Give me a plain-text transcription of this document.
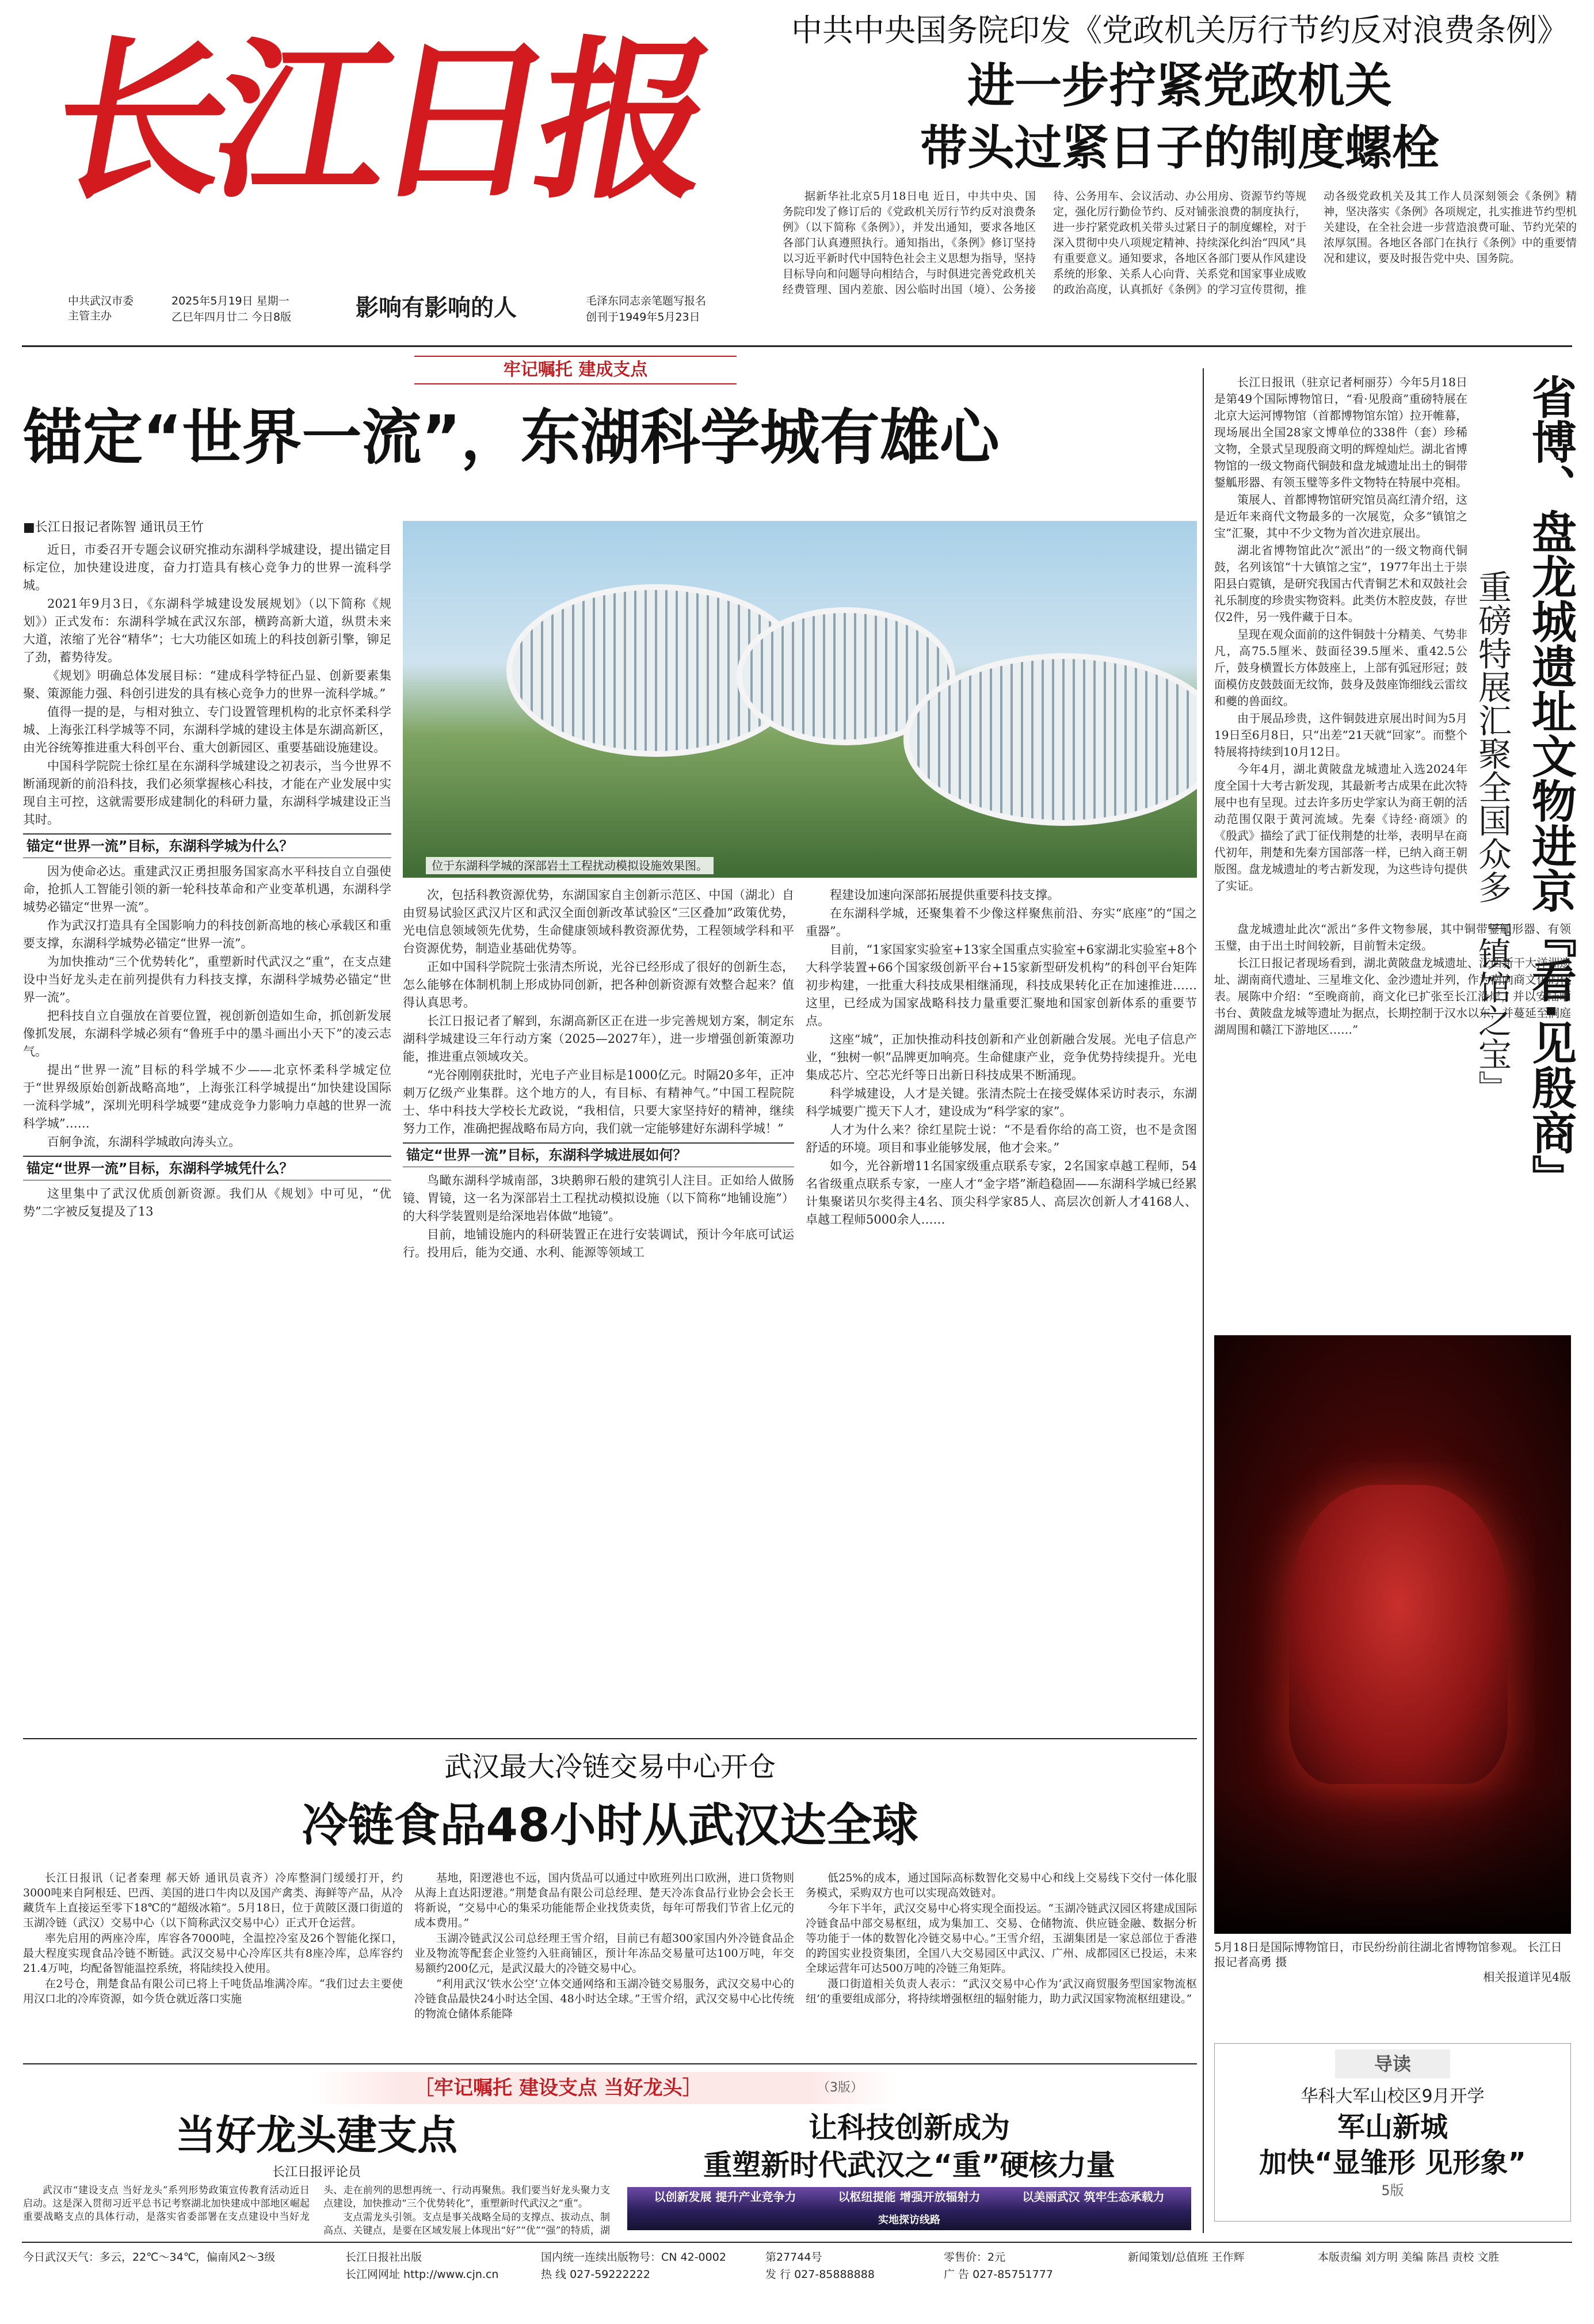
长江日报
中共武汉市委 主管主办
2025年5月19日 星期一
乙巳年四月廿二 今日8版	影响有影响的人	毛泽东同志亲笔题写报名
创刊于1949年5月23日
中共中央国务院印发《党政机关厉行节约反对浪费条例》
进一步拧紧党政机关
带头过紧日子的制度螺栓
据新华社北京5月18日电 近日，中共中央、国务院印发了修订后的《党政机关厉行节约反对浪费条例》（以下简称《条例》），并发出通知，要求各地区各部门认真遵照执行。通知指出，《条例》修订坚持以习近平新时代中国特色社会主义思想为指导，坚持目标导向和问题导向相结合，与时俱进完善党政机关经费管理、国内差旅、因公临时出国（境）、公务接待、公务用车、会议活动、办公用房、资源节约等规定，强化厉行勤俭节约、反对铺张浪费的制度执行，进一步拧紧党政机关带头过紧日子的制度螺栓，对于深入贯彻中央八项规定精神、持续深化纠治“四风”具有重要意义。通知要求，各地区各部门要从作风建设系统的形象、关系人心向背、关系党和国家事业成败的政治高度，认真抓好《条例》的学习宣传贯彻，推动各级党政机关及其工作人员深刻领会《条例》精神，坚决落实《条例》各项规定，扎实推进节约型机关建设，在全社会进一步营造浪费可耻、节约光荣的浓厚氛围。各地区各部门在执行《条例》中的重要情况和建议，要及时报告党中央、国务院。
牢记嘱托 建成支点
锚定“世界一流”，东湖科学城有雄心
■长江日报记者陈智 通讯员王竹

近日，市委召开专题会议研究推动东湖科学城建设，提出锚定目标定位，加快建设进度，奋力打造具有核心竞争力的世界一流科学城。

2021年9月3日，《东湖科学城建设发展规划》（以下简称《规划》）正式发布：东湖科学城在武汉东部，横跨高新大道，纵贯未来大道，浓缩了光谷“精华”；七大功能区如琉上的科技创新引擎，铆足了劲，蓄势待发。

《规划》明确总体发展目标：“建成科学特征凸显、创新要素集聚、策源能力强、科创引进发的具有核心竞争力的世界一流科学城。”

值得一提的是，与相对独立、专门设置管理机构的北京怀柔科学城、上海张江科学城等不同，东湖科学城的建设主体是东湖高新区，由光谷统筹推进重大科创平台、重大创新园区、重要基础设施建设。

中国科学院院士徐红星在东湖科学城建设之初表示，当今世界不断涌现新的前沿科技，我们必须掌握核心科技，才能在产业发展中实现自主可控，这就需要形成建制化的科研力量，东湖科学城建设正当其时。

锚定“世界一流”目标，东湖科学城为什么？

因为使命必达。重建武汉正勇担服务国家高水平科技自立自强使命，抢抓人工智能引领的新一轮科技革命和产业变革机遇，东湖科学城势必锚定“世界一流”。

作为武汉打造具有全国影响力的科技创新高地的核心承载区和重要支撑，东湖科学城势必锚定“世界一流”。

为加快推动“三个优势转化”，重塑新时代武汉之“重”，在支点建设中当好龙头走在前列提供有力科技支撑，东湖科学城势必锚定“世界一流”。

把科技自立自强放在首要位置，视创新创造如生命，抓创新发展像抓发展，东湖科学城必须有“鲁班手中的墨斗画出小天下”的凌云志气。

提出“世界一流”目标的科学城不少——北京怀柔科学城定位于“世界级原始创新战略高地”，上海张江科学城提出“加快建设国际一流科学城”，深圳光明科学城要“建成竞争力影响力卓越的世界一流科学城”……

百舸争流，东湖科学城敢向涛头立。

锚定“世界一流”目标，东湖科学城凭什么？

这里集中了武汉优质创新资源。我们从《规划》中可见，“优势”二字被反复提及了13

位于东湖科学城的深部岩土工程扰动模拟设施效果图。

次，包括科教资源优势，东湖国家自主创新示范区、中国（湖北）自由贸易试验区武汉片区和武汉全面创新改革试验区“三区叠加”政策优势，光电信息领域领先优势，生命健康领域科教资源优势，工程领域学科和平台资源优势，制造业基础优势等。

正如中国科学院院士张清杰所说，光谷已经形成了很好的创新生态，怎么能够在体制机制上形成协同创新，把各种创新资源有效整合起来？值得认真思考。

长江日报记者了解到，东湖高新区正在进一步完善规划方案，制定东湖科学城建设三年行动方案（2025—2027年），进一步增强创新策源功能，推进重点领域攻关。

“光谷刚刚获批时，光电子产业目标是1000亿元。时隔20多年，正冲刺万亿级产业集群。这个地方的人，有目标、有精神气。”中国工程院院士、华中科技大学校长尤政说，“我相信，只要大家坚持好的精神，继续努力工作，准确把握战略布局方向，我们就一定能够建好东湖科学城！”

锚定“世界一流”目标，东湖科学城进展如何？

鸟瞰东湖科学城南部，3块鹅卵石般的建筑引人注目。正如给人做肠镜、胃镜，这一名为深部岩土工程扰动模拟设施（以下简称“地铺设施”）的大科学装置则是给深地岩体做“地镜”。

目前，地铺设施内的科研装置正在进行安装调试，预计今年底可试运行。投用后，能为交通、水利、能源等领域工

程建设加速向深部拓展提供重要科技支撑。

在东湖科学城，还聚集着不少像这样聚焦前沿、夯实“底座”的“国之重器”。

目前，“1家国家实验室+13家全国重点实验室+6家湖北实验室+8个大科学装置+66个国家级创新平台+15家新型研发机构”的科创平台矩阵初步构建，一批重大科技成果相继涌现，科技成果转化正在加速推进……这里，已经成为国家战略科技力量重要汇聚地和国家创新体系的重要节点。

这座“城”，正加快推动科技创新和产业创新融合发展。光电子信息产业，“独树一帜”品牌更加响亮。生命健康产业，竞争优势持续提升。光电集成芯片、空芯光纤等日出新日科技成果不断涌现。

科学城建设，人才是关键。张清杰院士在接受媒体采访时表示，东湖科学城要广揽天下人才，建设成为“科学家的家”。

人才为什么来？徐红星院士说：“不是看你给的高工资，也不是贪图舒适的环境。项目和事业能够发展，他才会来。”

如今，光谷新增11名国家级重点联系专家，2名国家卓越工程师，54名省级重点联系专家，一座人才“金字塔”渐趋稳固——东湖科学城已经累计集聚诺贝尔奖得主4名、顶尖科学家85人、高层次创新人才4168人、卓越工程师5000余人……

省博、盘龙城遗址文物进京『看·见殷商』
重磅特展汇聚全国众多『镇馆之宝』

长江日报讯（驻京记者柯丽芬）今年5月18日是第49个国际博物馆日，“看·见殷商”重磅特展在北京大运河博物馆（首都博物馆东馆）拉开帷幕，现场展出全国28家文博单位的338件（套）珍稀文物，全景式呈现殷商文明的辉煌灿烂。湖北省博物馆的一级文物商代铜鼓和盘龙城遗址出土的铜带鋬觚形器、有领玉璧等多件文物特在特展中亮相。

策展人、首都博物馆研究馆员高红清介绍，这是近年来商代文物最多的一次展览，众多“镇馆之宝”汇聚，其中不少文物为首次进京展出。

湖北省博物馆此次“派出”的一级文物商代铜鼓，名列该馆“十大镇馆之宝”，1977年出土于崇阳县白霓镇，是研究我国古代青铜艺术和双鼓社会礼乐制度的珍贵实物资料。此类仿木腔皮鼓，存世仅2件，另一残件藏于日本。

呈现在观众面前的这件铜鼓十分精美、气势非凡，高75.5厘米、鼓面径39.5厘米、重42.5公斤，鼓身横置长方体鼓座上，上部有弧冠形冠；鼓面模仿皮鼓鼓面无纹饰，鼓身及鼓座饰细线云雷纹和夔的兽面纹。

由于展品珍贵，这件铜鼓进京展出时间为5月19日至6月8日，只“出差”21天就“回家”。而整个特展将持续到10月12日。

今年4月，湖北黄陂盘龙城遗址入选2024年度全国十大考古新发现，其最新考古成果在此次特展中也有呈现。过去许多历史学家认为商王朝的活动范围仅限于黄河流域。先秦《诗经·商颂》的《殷武》描绘了武丁征伐荆楚的壮举，表明早在商代初年，荆楚和先秦方国部落一样，已纳入商王朝版图。盘龙城遗址的考古新发现，为这些诗句提供了实证。

盘龙城遗址此次“派出”多件文物参展，其中铜带鋬觚形器、有领玉璧，由于出土时间较新，目前暂未定级。

长江日报记者现场看到，湖北黄陂盘龙城遗址、江西新干大洋洲遗址、湖南商代遗址、三星堆文化、金沙遗址并列，作为南向商文化的代表。展陈中介绍：“至晚商前，商文化已扩张至长江沿岸，并以安陆晒书台、黄陂盘龙城等遗址为据点，长期控制于汉水以东，并蔓延至洞庭湖周围和赣江下游地区……”

5月18日是国际博物馆日，市民纷纷前往湖北省博物馆参观。 长江日报记者高勇 摄
相关报道详见4版
导读
华科大军山校区9月开学
军山新城
加快“显雏形 见形象”
5版
武汉最大冷链交易中心开仓
冷链食品48小时从武汉达全球

长江日报讯（记者秦理 郝天娇 通讯员袁齐）冷库整洞门缓缓打开，约3000吨来自阿根廷、巴西、美国的进口牛肉以及国产禽类、海鲜等产品，从冷藏货车上直接运至零下18℃的“超级冰箱”。5月18日，位于黄陂区滠口街道的玉湖冷链（武汉）交易中心（以下简称武汉交易中心）正式开仓运营。

率先启用的两座冷库，库容各7000吨，全温控冷室及26个智能化探口，最大程度实现食品冷链不断链。武汉交易中心冷库区共有8座冷库，总库容约21.4万吨，均配备智能温控系统，将陆续投入使用。

在2号仓，荆楚食品有限公司已将上千吨货品堆满冷库。“我们过去主要使用汉口北的冷库资源，如今货仓就近落口实施

基地，阳逻港也不远，国内货品可以通过中欧班列出口欧洲，进口货物则从海上直达阳逻港。”荆楚食品有限公司总经理、楚天冷冻食品行业协会会长王将新说，“交易中心的集采功能能帮企业找货卖货，每年可帮我们节省上亿元的成本费用。”

玉湖冷链武汉公司总经理王雪介绍，目前已有超300家国内外冷链食品企业及物流等配套企业签约入驻商铺区，预计年冻品交易量可达100万吨，年交易额约200亿元，是武汉最大的冷链交易中心。

“利用武汉‘铁水公空’立体交通网络和玉湖冷链交易服务，武汉交易中心的冷链食品最快24小时达全国、48小时达全球。”王雪介绍，武汉交易中心比传统的物流仓储体系能降

低25%的成本，通过国际高标数智化交易中心和线上交易线下交付一体化服务模式，采购双方也可以实现高效链对。

今年下半年，武汉交易中心将实现全面投运。“玉湖冷链武汉园区将建成国际冷链食品中部交易枢纽，成为集加工、交易、仓储物流、供应链金融、数据分析等功能于一体的数智化冷链交易中心。”王雪介绍，玉湖集团是一家总部位于香港的跨国实业投资集团，全国八大交易园区中武汉、广州、成都园区已投运，未来全球运营年可达500万吨的冷链三角矩阵。

滠口街道相关负责人表示：“武汉交易中心作为‘武汉商贸服务型国家物流枢纽’的重要组成部分，将持续增强枢纽的辐射能力，助力武汉国家物流枢纽建设。”

［牢记嘱托 建设支点 当好龙头］	（3版）
当好龙头建支点
长江日报评论员

武汉市“建设支点 当好龙头”系列形势政策宣传教育活动近日启动。这是深入贯彻习近平总书记考察湖北加快建成中部地区崛起重要战略支点的具体行动，是落实省委部署在支点建设中当好龙头、走在前列的思想再统一、行动再聚焦。我们要当好龙头聚力支点建设，加快推动“三个优势转化”，重塑新时代武汉之“重”。

支点需龙头引领。支点是事关战略全局的支撑点、拔动点、制高点、关键点，是要在区域发展上体现出“好”“优”“强”的特质，湖

让科技创新成为
重塑新时代武汉之“重”硬核力量
以创新发展 提升产业竞争力	以枢纽提能 增强开放辐射力	以美丽武汉 筑牢生态承载力
实地探访线路
今日武汉天气：多云，22℃～34℃，偏南风2～3级	长江日报社出版
长江网网址 http://www.cjn.cn
国内统一连续出版物号：CN 42-0002
热 线 027-59222222
第27744号
发 行 027-85888888
零售价：2元
广 告 027-85751777
新闻策划/总值班 王作辉	本版责编 刘方明 美编 陈昌 责校 文胜
